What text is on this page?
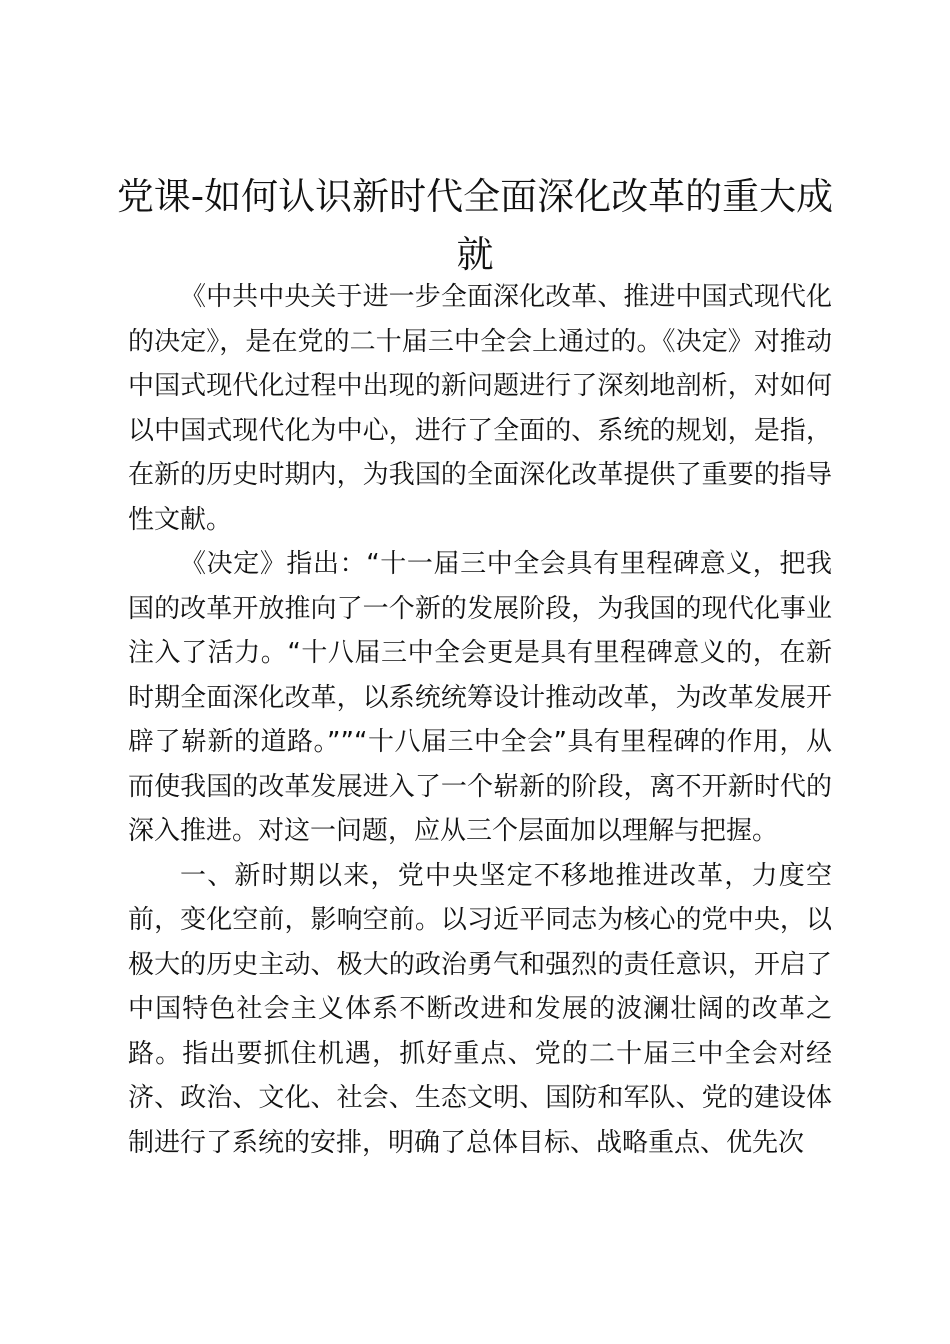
党课-如何认识新时代全面深化改革的重大成就

《中共中央关于进一步全面深化改革、推进中国式现代化的决定》，是在党的二十届三中全会上通过的。《决定》对推动中国式现代化过程中出现的新问题进行了深刻地剖析，对如何以中国式现代化为中心，进行了全面的、系统的规划，是指，在新的历史时期内，为我国的全面深化改革提供了重要的指导性文献。

《决定》指出：“十一届三中全会具有里程碑意义，把我国的改革开放推向了一个新的发展阶段，为我国的现代化事业注入了活力。“十八届三中全会更是具有里程碑意义的，在新时期全面深化改革，以系统统筹设计推动改革，为改革发展开辟了崭新的道路。””“十八届三中全会”具有里程碑的作用，从而使我国的改革发展进入了一个崭新的阶段，离不开新时代的深入推进。对这一问题，应从三个层面加以理解与把握。

一、新时期以来，党中央坚定不移地推进改革，力度空前，变化空前，影响空前。以习近平同志为核心的党中央，以极大的历史主动、极大的政治勇气和强烈的责任意识，开启了中国特色社会主义体系不断改进和发展的波澜壮阔的改革之路。指出要抓住机遇，抓好重点、党的二十届三中全会对经济、政治、文化、社会、生态文明、国防和军队、党的建设体制进行了系统的安排，明确了总体目标、战略重点、优先次
